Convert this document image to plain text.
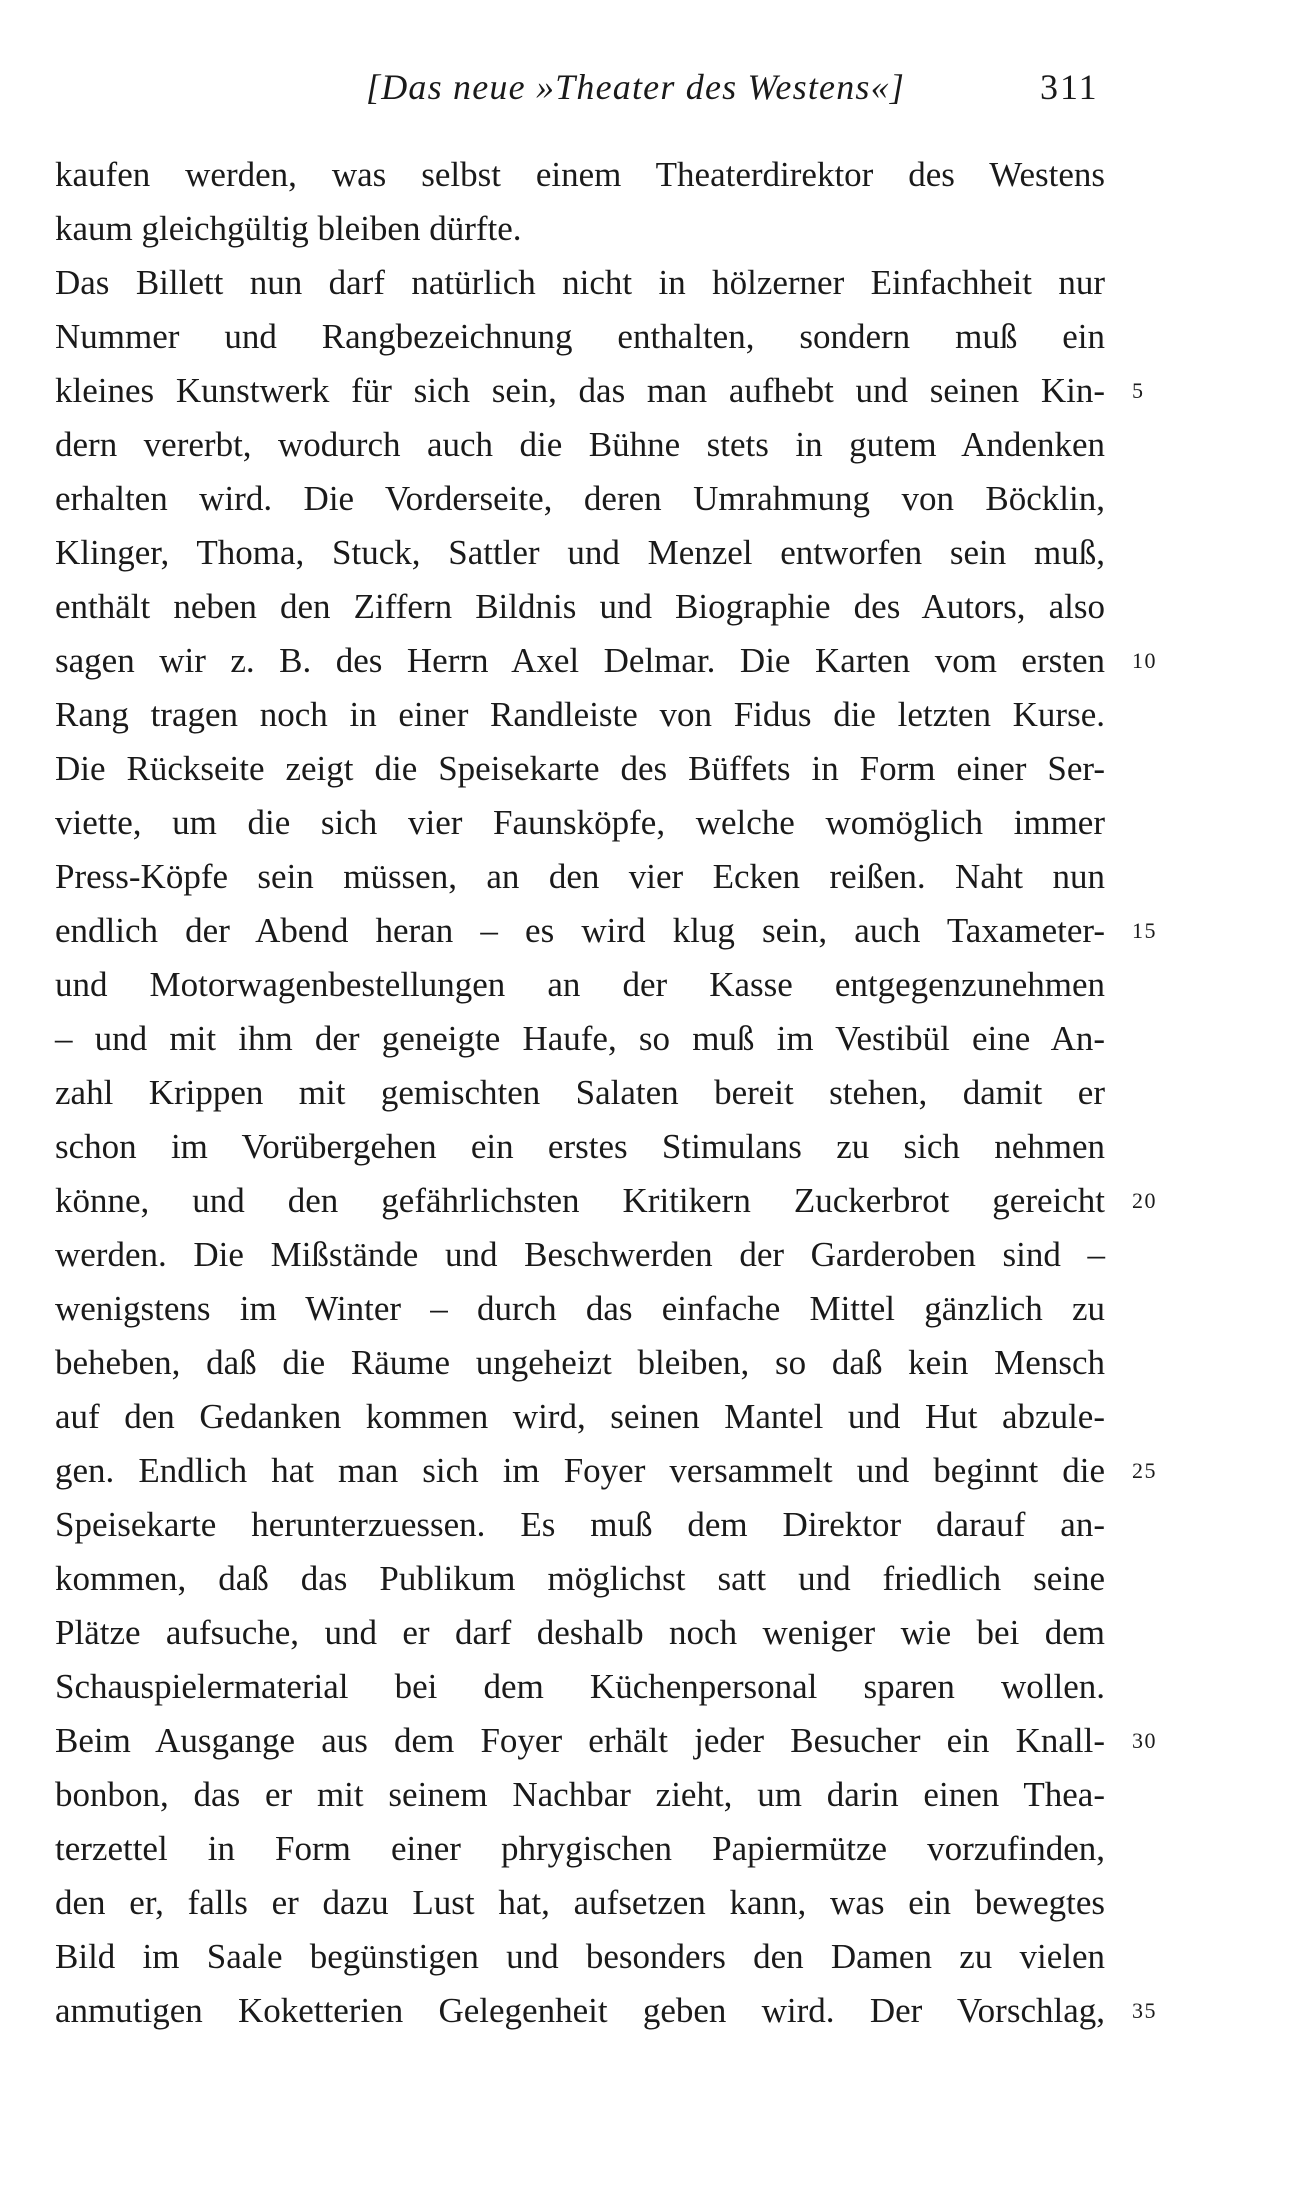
[Das neue »Theater des Westens«]	311
kaufen werden, was selbst einem Theaterdirektor des Westens
kaum gleichgültig bleiben dürfte.
Das Billett nun darf natürlich nicht in hölzerner Einfachheit nur
Nummer und Rangbezeichnung enthalten, sondern muß ein
kleines Kunstwerk für sich sein, das man aufhebt und seinen Kin-
dern vererbt, wodurch auch die Bühne stets in gutem Andenken
erhalten wird. Die Vorderseite, deren Umrahmung von Böcklin,
Klinger, Thoma, Stuck, Sattler und Menzel entworfen sein muß,
enthält neben den Ziffern Bildnis und Biographie des Autors, also
sagen wir z. B. des Herrn Axel Delmar. Die Karten vom ersten
Rang tragen noch in einer Randleiste von Fidus die letzten Kurse.
Die Rückseite zeigt die Speisekarte des Büffets in Form einer Ser-
viette, um die sich vier Faunsköpfe, welche womöglich immer
Press-Köpfe sein müssen, an den vier Ecken reißen. Naht nun
endlich der Abend heran – es wird klug sein, auch Taxameter-
und Motorwagenbestellungen an der Kasse entgegenzunehmen
– und mit ihm der geneigte Haufe, so muß im Vestibül eine An-
zahl Krippen mit gemischten Salaten bereit stehen, damit er
schon im Vorübergehen ein erstes Stimulans zu sich nehmen
könne, und den gefährlichsten Kritikern Zuckerbrot gereicht
werden. Die Mißstände und Beschwerden der Garderoben sind –
wenigstens im Winter – durch das einfache Mittel gänzlich zu
beheben, daß die Räume ungeheizt bleiben, so daß kein Mensch
auf den Gedanken kommen wird, seinen Mantel und Hut abzule-
gen. Endlich hat man sich im Foyer versammelt und beginnt die
Speisekarte herunterzuessen. Es muß dem Direktor darauf an-
kommen, daß das Publikum möglichst satt und friedlich seine
Plätze aufsuche, und er darf deshalb noch weniger wie bei dem
Schauspielermaterial bei dem Küchenpersonal sparen wollen.
Beim Ausgange aus dem Foyer erhält jeder Besucher ein Knall-
bonbon, das er mit seinem Nachbar zieht, um darin einen Thea-
terzettel in Form einer phrygischen Papiermütze vorzufinden,
den er, falls er dazu Lust hat, aufsetzen kann, was ein bewegtes
Bild im Saale begünstigen und besonders den Damen zu vielen
anmutigen Koketterien Gelegenheit geben wird. Der Vorschlag,
5
10
15
20
25
30
35
